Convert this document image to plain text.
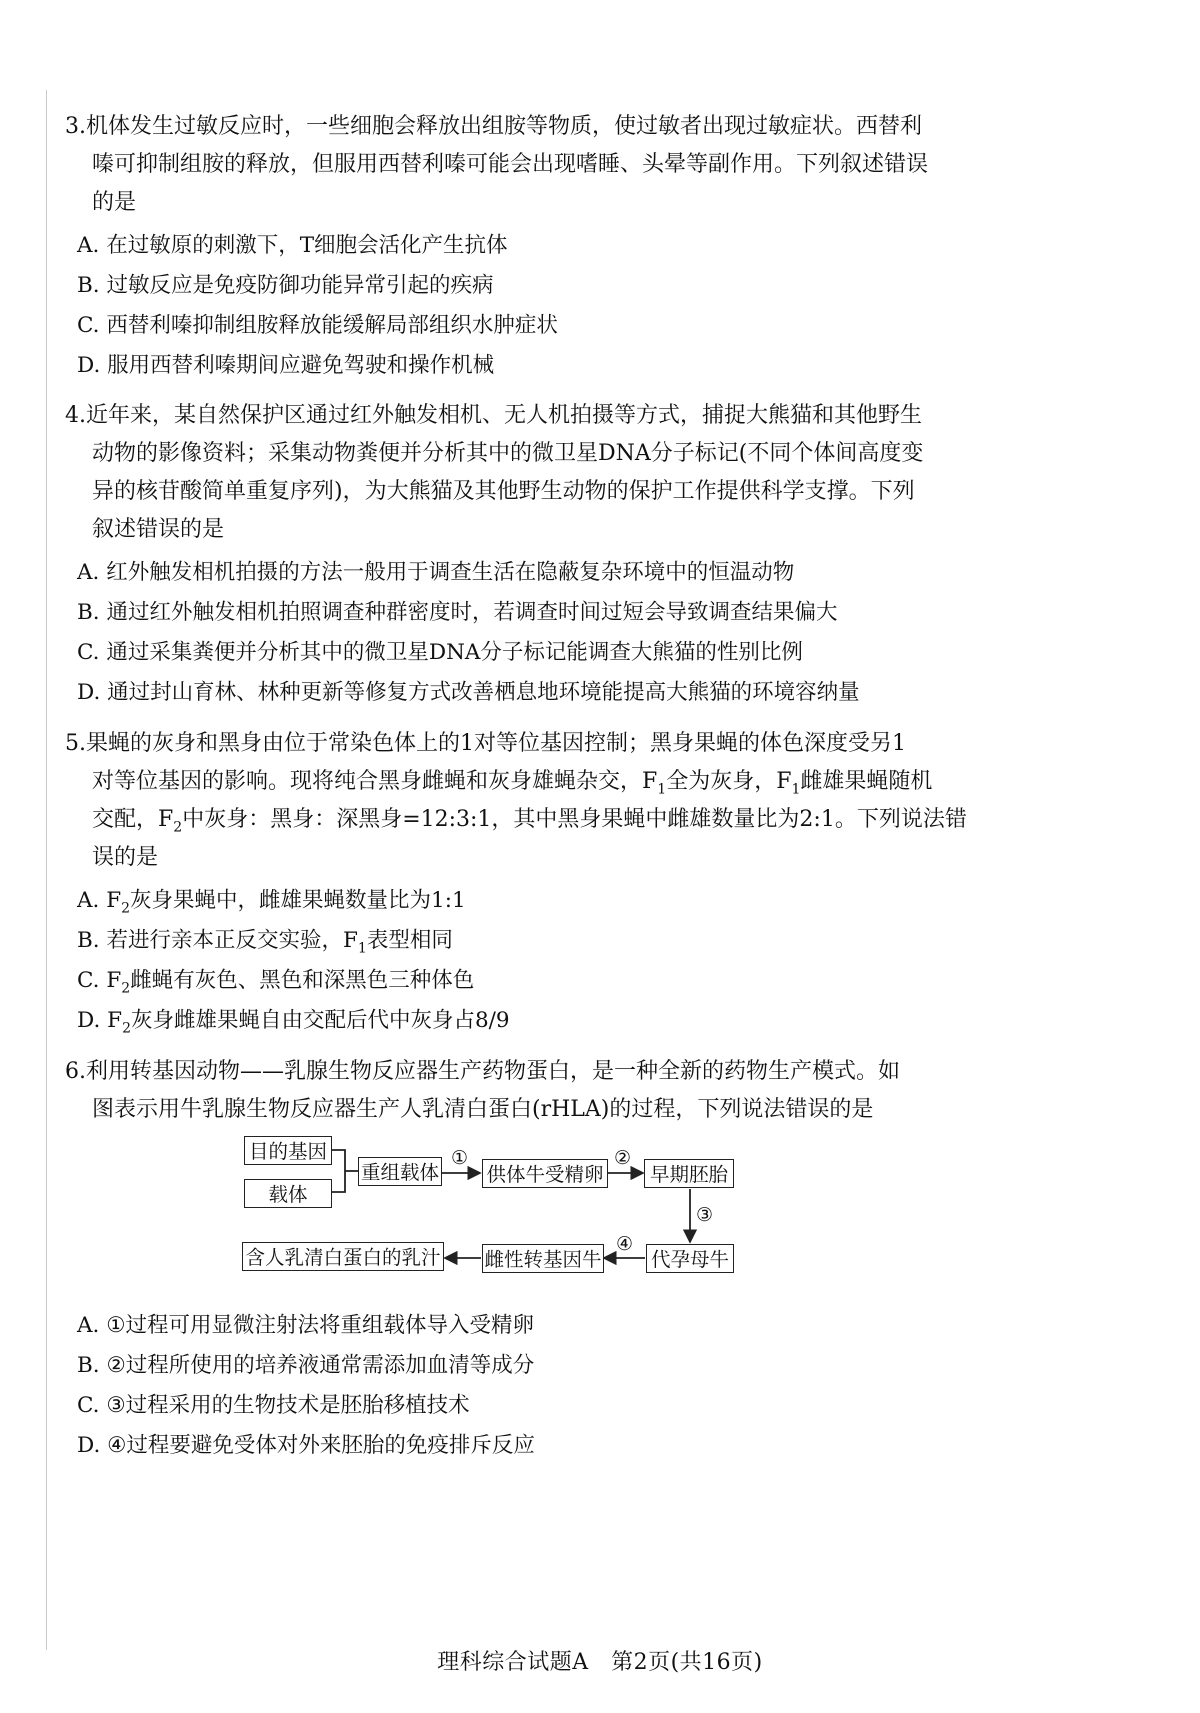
3.机体发生过敏反应时，一些细胞会释放出组胺等物质，使过敏者出现过敏症状。西替利

嗪可抑制组胺的释放，但服用西替利嗪可能会出现嗜睡、头晕等副作用。下列叙述错误

的是

A. 在过敏原的刺激下，T细胞会活化产生抗体

B. 过敏反应是免疫防御功能异常引起的疾病

C. 西替利嗪抑制组胺释放能缓解局部组织水肿症状

D. 服用西替利嗪期间应避免驾驶和操作机械

4.近年来，某自然保护区通过红外触发相机、无人机拍摄等方式，捕捉大熊猫和其他野生

动物的影像资料；采集动物粪便并分析其中的微卫星DNA分子标记(不同个体间高度变

异的核苷酸简单重复序列)，为大熊猫及其他野生动物的保护工作提供科学支撑。下列

叙述错误的是

A. 红外触发相机拍摄的方法一般用于调查生活在隐蔽复杂环境中的恒温动物

B. 通过红外触发相机拍照调查种群密度时，若调查时间过短会导致调查结果偏大

C. 通过采集粪便并分析其中的微卫星DNA分子标记能调查大熊猫的性别比例

D. 通过封山育林、林种更新等修复方式改善栖息地环境能提高大熊猫的环境容纳量

5.果蝇的灰身和黑身由位于常染色体上的1对等位基因控制；黑身果蝇的体色深度受另1

对等位基因的影响。现将纯合黑身雌蝇和灰身雄蝇杂交，$F_1$全为灰身，$F_1$雌雄果蝇随机

交配，$F_2$中灰身：黑身：深黑身=12:3:1，其中黑身果蝇中雌雄数量比为2:1。下列说法错

误的是

A. $F_2$灰身果蝇中，雌雄果蝇数量比为1:1

B. 若进行亲本正反交实验，$F_1$表型相同

C. $F_2$雌蝇有灰色、黑色和深黑色三种体色

D. $F_2$灰身雌雄果蝇自由交配后代中灰身占8/9

6.利用转基因动物——乳腺生物反应器生产药物蛋白，是一种全新的药物生产模式。如

图表示用牛乳腺生物反应器生产人乳清白蛋白(rHLA)的过程，下列说法错误的是

目的基因
载体
重组载体 供体牛受精卵	早期胚胎
代孕母牛
雌性转基因牛
含人乳清白蛋白的乳汁
①	②
③
④

A. ①过程可用显微注射法将重组载体导入受精卵

B. ②过程所使用的培养液通常需添加血清等成分

C. ③过程采用的生物技术是胚胎移植技术

D. ④过程要避免受体对外来胚胎的免疫排斥反应

理科综合试题A　第2页(共16页)
